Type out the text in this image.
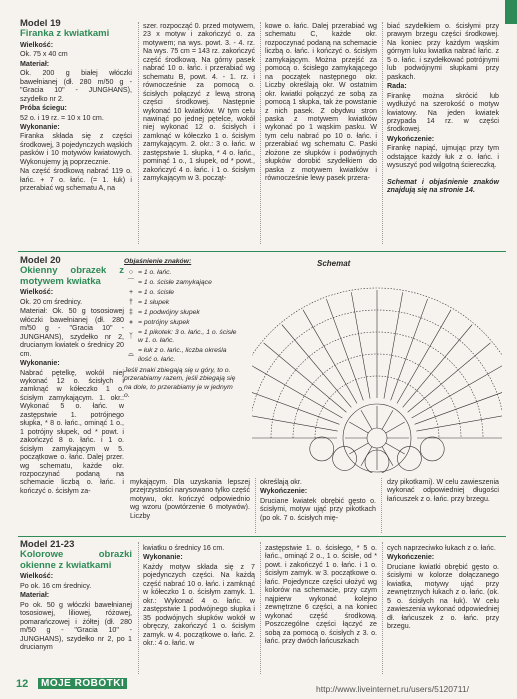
Model 19

Firanka z kwiatkami

Wielkość:

Ok. 75 x 40 cm

Materiał:

Ok. 200 g białej włóczki bawełnianej (dł. 280 m/50 g - "Gracia 10" - JUNGHANS), szydełko nr 2.

Próba ściegu:

52 o. i 19 rz. = 10 x 10 cm.

Wykonanie:

Firanka składa się z części środkowej, 3 pojedynczych wąskich pasków i 10 motywów kwiatowych. Wykonujemy ją poprzecznie.

Na część środkową nabrać 119 o. łańc. + 7 o. łańc. (= 1. łuk) i przerabiać wg schematu A, na

szer. rozpocząć 0. przed motywem, 23 x motyw i zakończyć o. za motywem; na wys. powt. 3. - 4. rz. Na wys. 75 cm = 143 rz. zakończyć część środkową. Na górny pasek nabrać 10 o. łańc. i przerabiać wg schematu B, powt. 4. - 1. rz. i równocześnie za pomocą o. ścisłych połączyć z lewą stroną części środkowej. Następnie wykonać 10 kwiatków. W tym celu nawinąć po jednej pętelce, wokół niej wykonać 12 o. ścisłych i zamknąć w kółeczko 1 o. ścisłym zamykającym. 2. okr.: 3 o. łańc. w zastępstwie 1. słupka, * 4 o. łańc., pominąć 1 o., 1 słupek, od * powt., zakończyć 4 o. łańc. i 1 o. ścisłym zamykającym w 3. począt-

kowe o. łańc. Dalej przerabiać wg schematu C, każde okr. rozpoczynać podaną na schemacie liczbą o. łańc. i kończyć o. ścisłym zamykającym. Można przejść za pomocą o. ścisłego zamykającego na początek następnego okr. Liczby określają okr. W ostatnim okr. kwiatki połączyć ze sobą za pomocą 1 słupka, tak że powstanie z nich pasek. Z obydwu stron paska z motywem kwiatków wykonać po 1 wąskim pasku. W tym celu nabrać po 10 o. łańc. i przerabiać wg schematu C. Paski złożone ze słupków i podwójnych słupków dorobić szydełkiem do paska z motywem kwiatków i równocześnie lewy pasek przera-

biać szydełkiem o. ścisłymi przy prawym brzegu części środkowej. Na koniec przy każdym wąskim górnym luku kwiatka nabrać łańc. z 5 o. łańc. i szydełkować potrójnymi lub podwójnymi słupkami przy paskach.

Rada:

Firankę można skrócić lub wydłużyć na szerokość o motyw kwiatowy. Na jeden kwiatek przypada 14 rz. w części środkowej.

Wykończenie:

Firankę napiąć, ujmując przy tym odstające każdy łuk z o. łańc. i wysuszyć pod wilgotną ściereczką.

Schemat i objaśnienie znaków znajdują się na stronie 14.

Model 20

Okienny obrazek z motywem kwiatka

Wielkość:

Ok. 20 cm średnicy.

Materiał: Ok. 50 g tososiowej włóczki bawełnianej (dł. 280 m/50 g - "Gracia 10" - JUNGHANS), szydełko nr 2, drucianym kwiatek o średnicy 20 cm.

Wykonanie:

Nabrać pętelkę, wokół niej wykonać 12 o. ścisłych i zamknąć w kółeczko 1 o. ścisłym zamykającym. 1. okr.: Wykonać 5 o. łańc. w zastępstwie 1. potrójnego słupka, * 8 o. łańc., ominąć 1 o., 1 potrójny słupek, od * powt. i zakończyć 8 o. łańc. i 1 o. ścisłym zamykającym w 5. początkowe o. łańc. Dalej przer. wg schematu, każde okr. rozpoczynać podaną na schemacie liczbą o. łańc. i kończyć o. ścisłym za-

Objaśnienie znaków:
○ = 1 o. łańc.
⌒ = 1 o. ścisłe zamykające
+ = 1 o. ścisłe
† = 1 słupek
‡ = 1 podwójny słupek
⧧ = potrójny słupek
ᛉ
= 1 pikotek: 3 o. łańc., 1 o. ścisłe w 1. o. łańc.
⌓
= łuk z o. łańc., liczba określa ilość o. łańc.
Jeśli znaki zbiegają się u góry, to o. przerabiamy razem, jeśli zbiegają się na dole, to przerabiamy je w jednym o.
Schemat

mykającym. Dla uzyskania lepszej przejrzystości narysowano tylko część motywu, okr. kończyć odpowiednio wg wzoru (powtórzenie 6 motywów). Liczby

określają okr.

Wykończenie:

Druciane kwiatek obrębić gęsto o. ścisłymi, motyw ująć przy pikotkach (po ok. 7 o. ścisłych mię-

dzy pikotkami). W celu zawieszenia wykonać odpowiedniej długości łańcuszek z o. łańc. przy brzegu.

Model 21-23

Kolorowe obrazki okienne z kwiatkami

Wielkość:

Po ok. 16 cm średnicy.

Materiał:

Po ok. 50 g włóczki bawełnianej tososiowej, liliowej, różowej, pomarańczowej i żółtej (dł. 280 m/50 g - "Gracia 10" - JUNGHANS), szydełko nr 2, po 1 drucianym

kwiatku o średnicy 16 cm.

Wykonanie:

Każdy motyw składa się z 7 pojedynczych części. Na każdą część nabrać 10 o. łańc. i zamknąć w kółeczko 1 o. ścisłym zamyk. 1. okr.: Wykonać 4 o. łańc. w zastępstwie 1 podwójnego słupka i 35 podwójnych słupków wokół w obręczy, zakończyć 1 o. ścisłym zamyk. w 4. początkowe o. łańc. 2. okr.: 4 o. łańc. w

zastępstwie 1. o. ścisłego, * 5 o. łańc., ominąć 2 o., 1 o. ścisłe, od * powt. i zakończyć 1 o. łańc. i 1 o. ścisłym zamyk. w 3. początkowe o. łańc. Pojedyncze części ułożyć wg kolorów na schemacie, przy czym najpierw wykonać kolejno zewnętrzne 6 części, a na koniec wykonać część środkową. Poszczególne części łączyć ze sobą za pomocą o. ścisłych z 3. o. łańc. przy dwóch łańcuszkach

cych naprzeciwko łukach z o. łańc.

Wykończenie:

Druciane kwiatki obrębić gęsto o. ścisłymi w kolorze dołączanego kwiatka, motywy ująć przy zewnętrznych łukach z o. łańc. (ok. 5 o. ścisłych na łuk). W celu zawieszenia wykonać odpowiedniej dł. łańcuszek z o. łańc. przy brzegu.

12	MOJE ROBÓTKI	http://www.liveinternet.ru/users/5120711/
